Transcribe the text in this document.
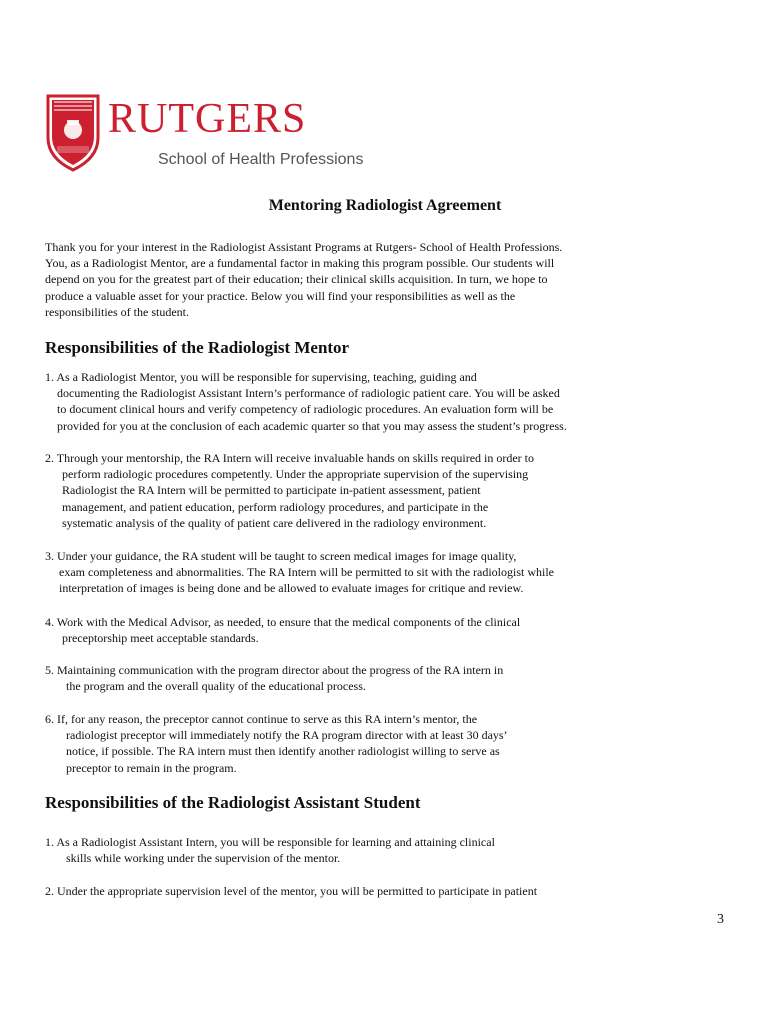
RUTGERS
School of Health Professions
Mentoring Radiologist Agreement
Thank you for your interest in the Radiologist Assistant Programs at Rutgers- School of Health Professions.
You, as a Radiologist Mentor, are a fundamental factor in making this program possible. Our students will
depend on you for the greatest part of their education; their clinical skills acquisition. In turn, we hope to
produce a valuable asset for your practice. Below you will find your responsibilities as well as the
responsibilities of the student.
Responsibilities of the Radiologist Mentor
1. As a Radiologist Mentor, you will be responsible for supervising, teaching, guiding and
documenting the Radiologist Assistant Intern’s performance of radiologic patient care. You will be asked
to document clinical hours and verify competency of radiologic procedures. An evaluation form will be
provided for you at the conclusion of each academic quarter so that you may assess the student’s progress.
2. Through your mentorship, the RA Intern will receive invaluable hands on skills required in order to
perform radiologic procedures competently. Under the appropriate supervision of the supervising
Radiologist the RA Intern will be permitted to participate in-patient assessment, patient
management, and patient education, perform radiology procedures, and participate in the
systematic analysis of the quality of patient care delivered in the radiology environment.
3. Under your guidance, the RA student will be taught to screen medical images for image quality,
exam completeness and abnormalities. The RA Intern will be permitted to sit with the radiologist while
interpretation of images is being done and be allowed to evaluate images for critique and review.
4. Work with the Medical Advisor, as needed, to ensure that the medical components of the clinical
preceptorship meet acceptable standards.
5. Maintaining communication with the program director about the progress of the RA intern in
the program and the overall quality of the educational process.
6. If, for any reason, the preceptor cannot continue to serve as this RA intern’s mentor, the
radiologist preceptor will immediately notify the RA program director with at least 30 days’
notice, if possible. The RA intern must then identify another radiologist willing to serve as
preceptor to remain in the program.
Responsibilities of the Radiologist Assistant Student
1. As a Radiologist Assistant Intern, you will be responsible for learning and attaining clinical
skills while working under the supervision of the mentor.
2. Under the appropriate supervision level of the mentor, you will be permitted to participate in patient
3
